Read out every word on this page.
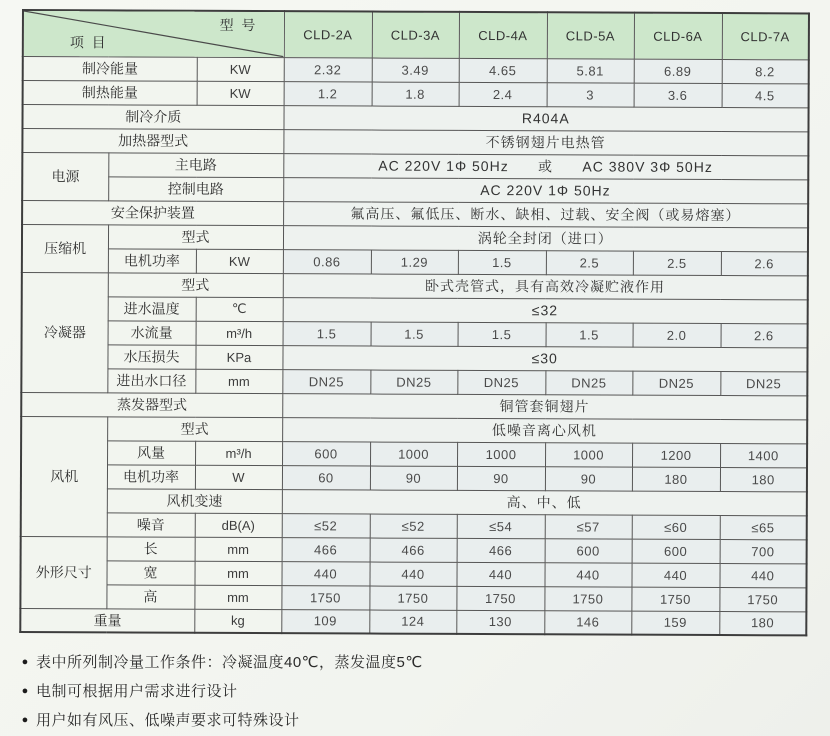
型  号
项  目			CLD-2A	CLD-3A	CLD-4A	CLD-5A	CLD-6A	CLD-7A
制冷能量		KW	2.32	3.49	4.65	5.81	6.89	8.2
制热能量		KW	1.2	1.8	2.4	3	3.6	4.5
制冷介质			R404A					
加热器型式			不锈钢翅片电热管					
电源	主电路		AC 220V 1Φ 50Hz      或      AC 380V 3Φ 50Hz					
	控制电路		AC 220V 1Φ 50Hz					
安全保护装置			氟高压、氟低压、断水、缺相、过载、安全阀（或易熔塞）					
压缩机	型式		涡轮全封闭（进口）					
	电机功率	KW	0.86	1.29	1.5	2.5	2.5	2.6
冷凝器	型式		卧式壳管式，具有高效冷凝贮液作用					
	进水温度	℃	≤32					
	水流量	m³/h	1.5	1.5	1.5	1.5	2.0	2.6
	水压损失	KPa	≤30					
	进出水口径	mm	DN25	DN25	DN25	DN25	DN25	DN25
蒸发器型式			铜管套铜翅片					
风机	型式		低噪音离心风机					
	风量	m³/h	600	1000	1000	1000	1200	1400
	电机功率	W	60	90	90	90	180	180
	风机变速		高、中、低					
	噪音	dB(A)	≤52	≤52	≤54	≤57	≤60	≤65
外形尺寸	长	mm	466	466	466	600	600	700
	宽	mm	440	440	440	440	440	440
	高	mm	1750	1750	1750	1750	1750	1750
重量		kg	109	124	130	146	159	180
● 表中所列制冷量工作条件：冷凝温度40℃，蒸发温度5℃
● 电制可根据用户需求进行设计
● 用户如有风压、低噪声要求可特殊设计
